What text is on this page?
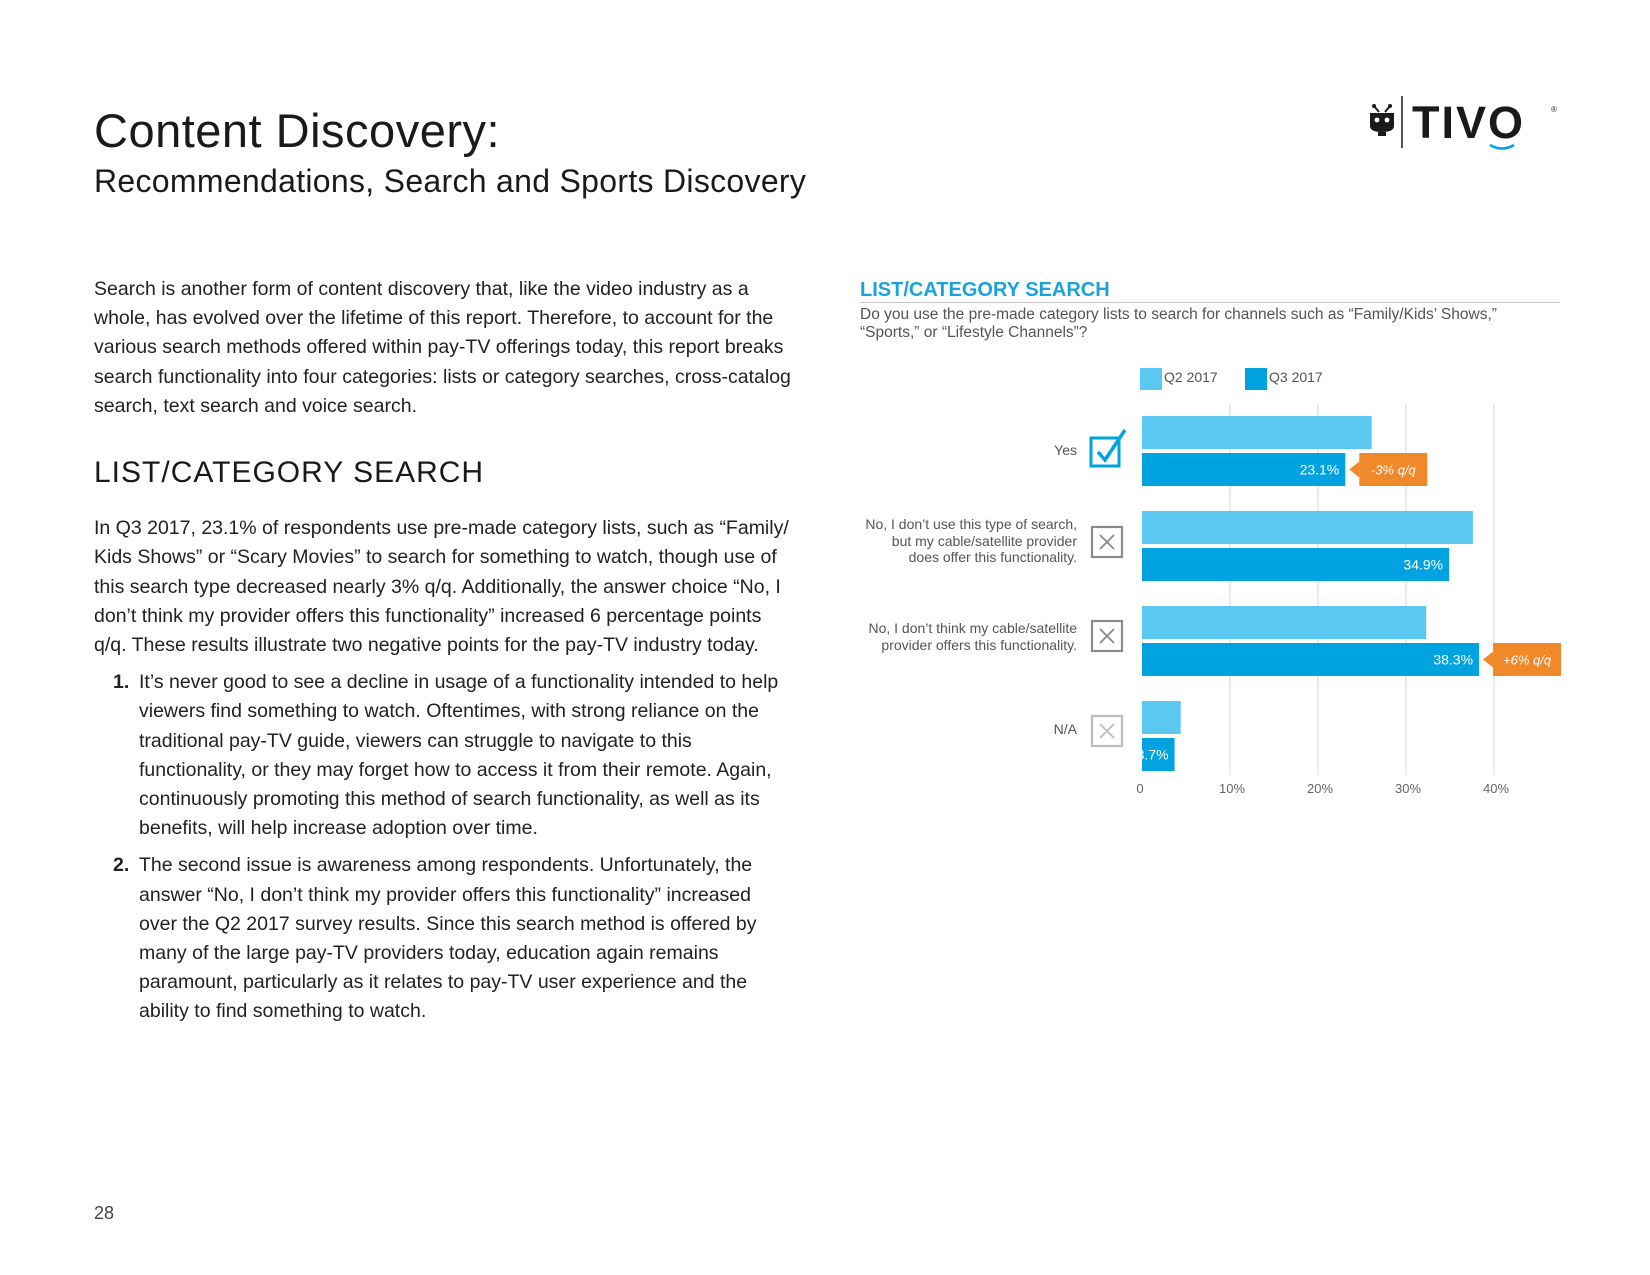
Content Discovery:
Recommendations, Search and Sports Discovery
TIVO	®

Search is another form of content discovery that, like the video industry as a whole, has evolved over the lifetime of this report. Therefore, to account for the various search methods offered within pay-TV offerings today, this report breaks search functionality into four categories: lists or category searches, cross-catalog search, text search and voice search.

LIST/CATEGORY SEARCH

In Q3 2017, 23.1% of respondents use pre-made category lists, such as “Family/ Kids Shows” or “Scary Movies” to search for something to watch, though use of this search type decreased nearly 3% q/q. Additionally, the answer choice “No, I don’t think my provider offers this functionality” increased 6 percentage points q/q. These results illustrate two negative points for the pay-TV industry today.

1. It’s never good to see a decline in usage of a functionality intended to help viewers find something to watch. Oftentimes, with strong reliance on the traditional pay-TV guide, viewers can struggle to navigate to this functionality, or they may forget how to access it from their remote. Again, continuously promoting this method of search functionality, as well as its benefits, will help increase adoption over time.
2. The second issue is awareness among respondents. Unfortunately, the answer “No, I don’t think my provider offers this functionality” increased over the Q2 2017 survey results. Since this search method is offered by many of the large pay-TV providers today, education again remains paramount, particularly as it relates to pay-TV user experience and the ability to find something to watch.
LIST/CATEGORY SEARCH

Do you use the pre-made category lists to search for channels such as “Family/Kids’ Shows,” “Sports,” or “Lifestyle Channels”?

Q2 2017	Q3 2017
0	10%	20%	30%	40%
23.1%
34.9%
38.3%
3.7%
-3% q/q
+6% q/q
Yes
No, I don’t use this type of search,
but my cable/satellite provider
does offer this functionality.
No, I don’t think my cable/satellite
provider offers this functionality.
N/A
28
